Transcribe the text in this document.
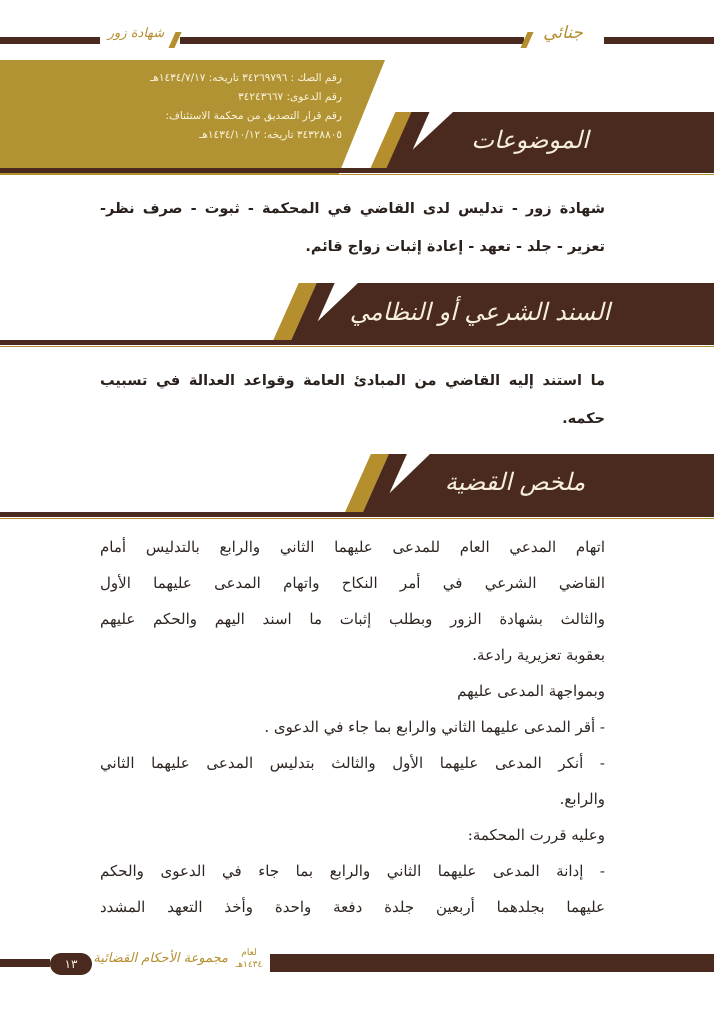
شهادة زور	جنائي
رقم الصك : ٣٤٢٦٩٧٩٦ تاريخه: ١٤٣٤/٧/١٧هـ
رقم الدعوى: ٣٤٢٤٣٦٦٧
رقم قرار التصديق من محكمة الاستئناف:
٣٤٣٢٨٨٠٥ تاريخه: ١٤٣٤/١٠/١٢هـ	الموضوعات
شهادة زور - تدليس لدى القاضي في المحكمة - ثبوت - صرف نظر-
تعزير - جلد - تعهد - إعادة إثبات زواج قائم.
السند الشرعي أو النظامي
ما استند إليه القاضي من المبادئ العامة وقواعد العدالة في تسبيب
حكمه.
ملخص القضية
اتهام المدعي العام للمدعى عليهما الثاني والرابع بالتدليس أمام
القاضي الشرعي في أمر النكاح واتهام المدعى عليهما الأول
والثالث بشهادة الزور وبطلب إثبات ما اسند اليهم والحكم عليهم
بعقوبة تعزيرية رادعة.
وبمواجهة المدعى عليهم
- أقر المدعى عليهما الثاني والرابع بما جاء في الدعوى .
- أنكر المدعى عليهما الأول والثالث بتدليس المدعى عليهما الثاني
والرابع.
وعليه قررت المحكمة:
- إدانة المدعى عليهما الثاني والرابع بما جاء في الدعوى والحكم
عليهما بجلدهما أربعين جلدة دفعة واحدة وأخذ التعهد المشدد
١٣	مجموعة الأحكام القضائية	لعام
١٤٣٤هـ
